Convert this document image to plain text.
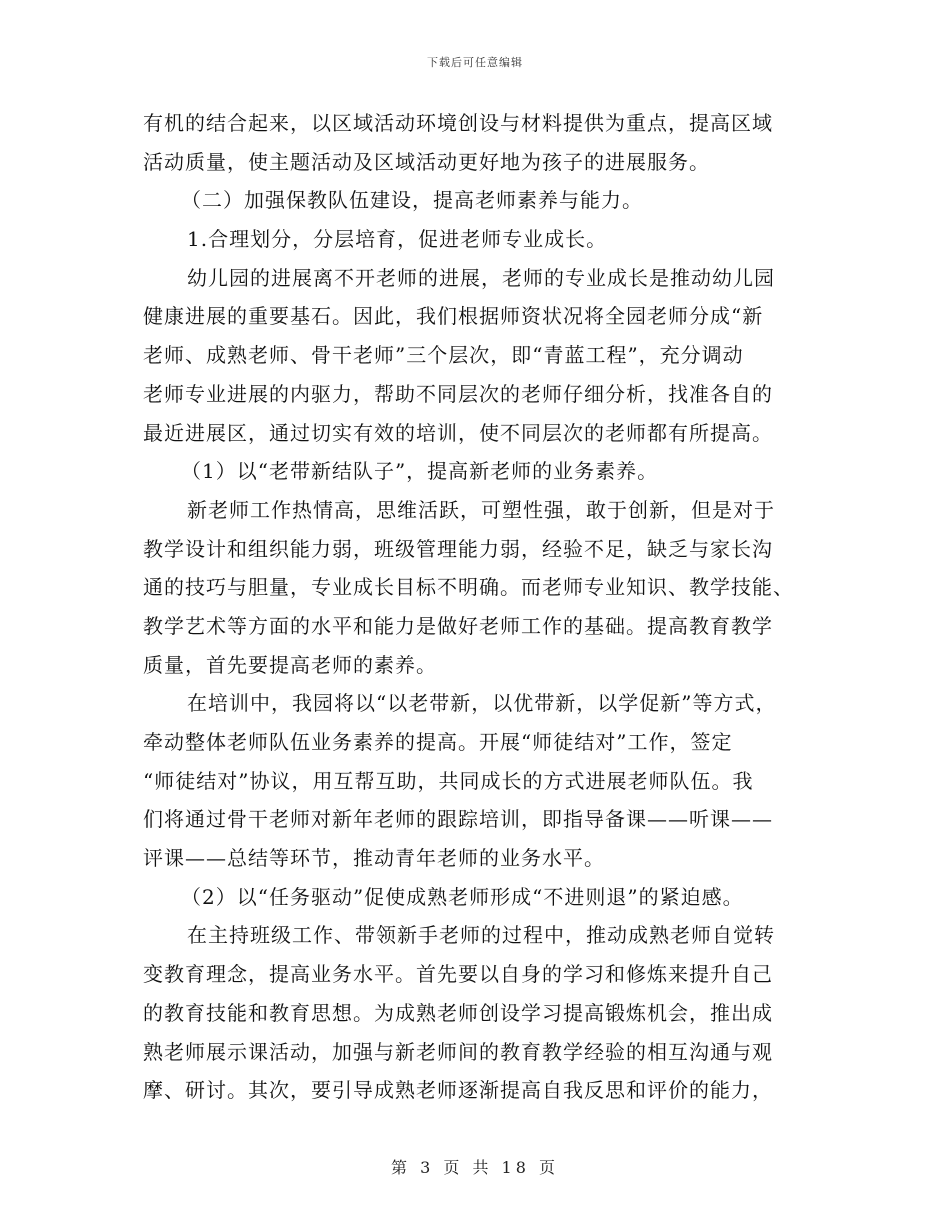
下载后可任意编辑
有机的结合起来，以区域活动环境创设与材料提供为重点，提高区域
活动质量，使主题活动及区域活动更好地为孩子的进展服务。
（二）加强保教队伍建设，提高老师素养与能力。
1.合理划分，分层培育，促进老师专业成长。
幼儿园的进展离不开老师的进展，老师的专业成长是推动幼儿园
健康进展的重要基石。因此，我们根据师资状况将全园老师分成“新
老师、成熟老师、骨干老师”三个层次，即“青蓝工程”，充分调动
老师专业进展的内驱力，帮助不同层次的老师仔细分析，找准各自的
最近进展区，通过切实有效的培训，使不同层次的老师都有所提高。
（1）以“老带新结队子”，提高新老师的业务素养。
新老师工作热情高，思维活跃，可塑性强，敢于创新，但是对于
教学设计和组织能力弱，班级管理能力弱，经验不足，缺乏与家长沟
通的技巧与胆量，专业成长目标不明确。而老师专业知识、教学技能、
教学艺术等方面的水平和能力是做好老师工作的基础。提高教育教学
质量，首先要提高老师的素养。
在培训中，我园将以“以老带新，以优带新，以学促新”等方式，
牵动整体老师队伍业务素养的提高。开展“师徒结对”工作，签定
“师徒结对”协议，用互帮互助，共同成长的方式进展老师队伍。我
们将通过骨干老师对新年老师的跟踪培训，即指导备课——听课——
评课——总结等环节，推动青年老师的业务水平。
（2）以“任务驱动”促使成熟老师形成“不进则退”的紧迫感。
在主持班级工作、带领新手老师的过程中，推动成熟老师自觉转
变教育理念，提高业务水平。首先要以自身的学习和修炼来提升自己
的教育技能和教育思想。为成熟老师创设学习提高锻炼机会，推出成
熟老师展示课活动，加强与新老师间的教育教学经验的相互沟通与观
摩、研讨。其次，要引导成熟老师逐渐提高自我反思和评价的能力，
第 3 页 共 18 页
